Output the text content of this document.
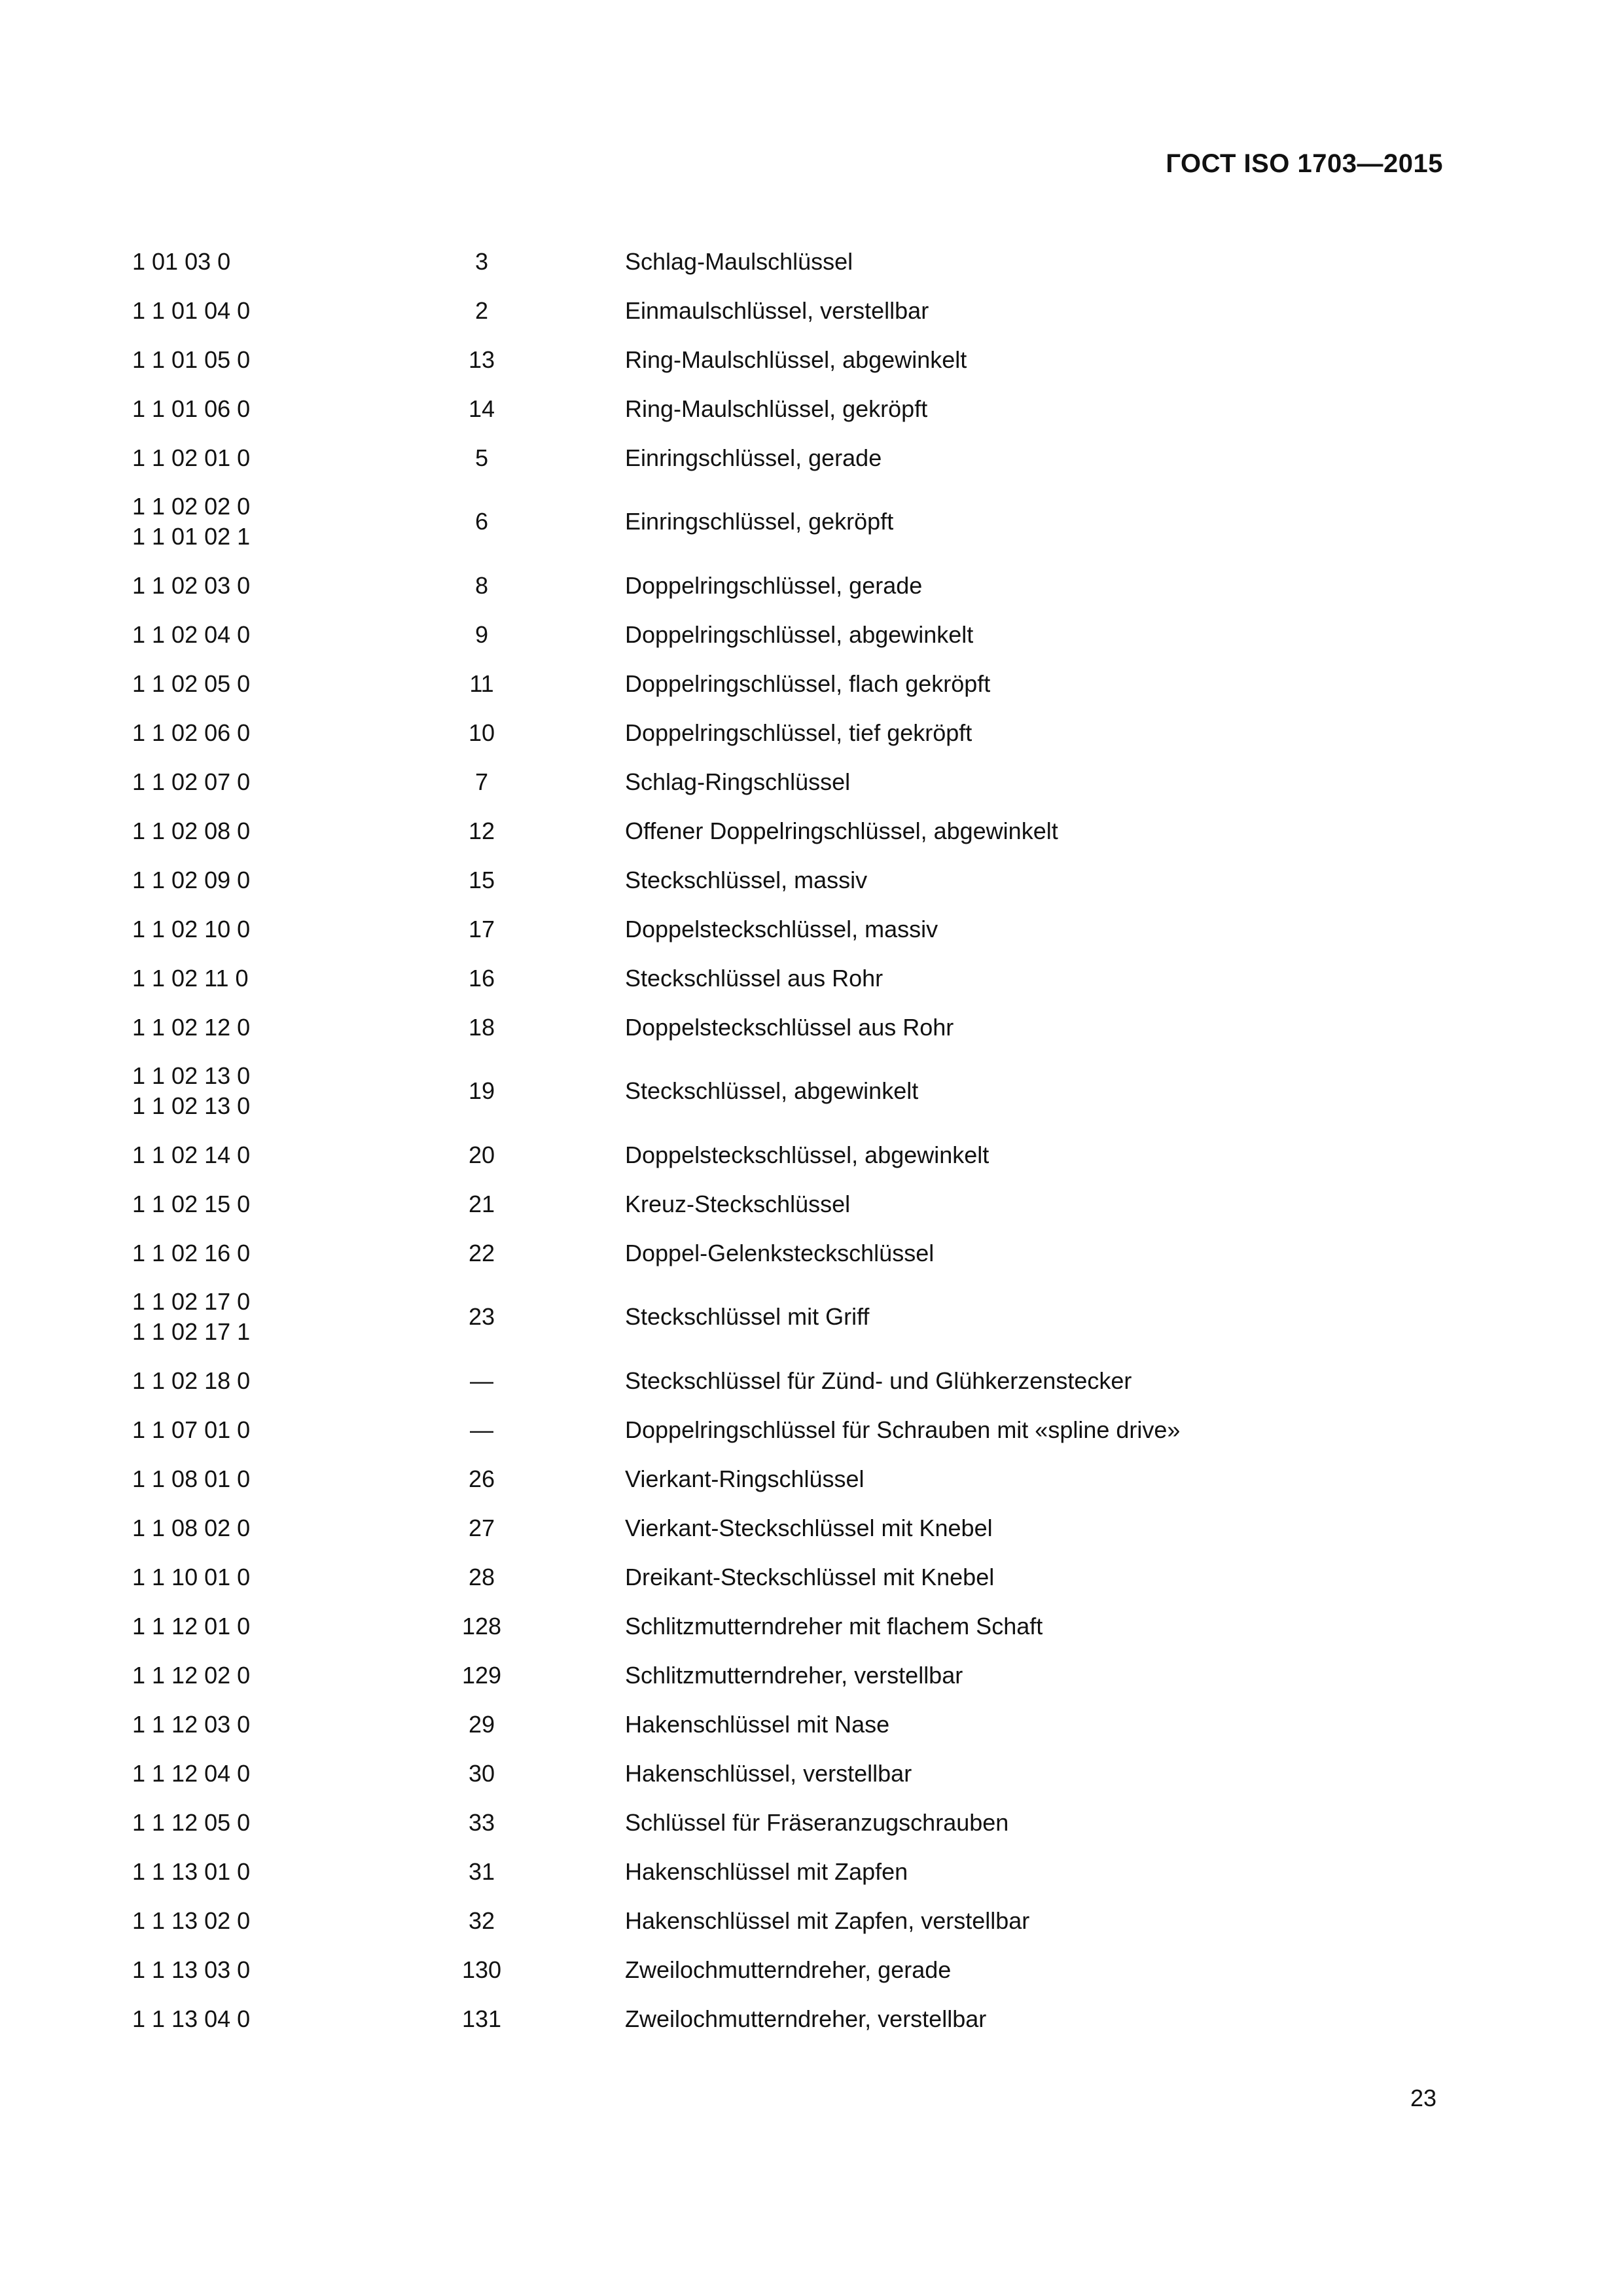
ГОСТ ISO 1703—2015
1 01 03 0	3	Schlag-Maulschlüssel

1 1 01 04 0	2	Einmaulschlüssel, verstellbar

1 1 01 05 0	13	Ring-Maulschlüssel, abgewinkelt

1 1 01 06 0	14	Ring-Maulschlüssel, gekröpft

1 1 02 01 0	5	Einringschlüssel, gerade

1 1 02 02 0
1 1 01 02 1	6	Einringschlüssel, gekröpft

1 1 02 03 0	8	Doppelringschlüssel, gerade

1 1 02 04 0	9	Doppelringschlüssel, abgewinkelt

1 1 02 05 0	11	Doppelringschlüssel, flach gekröpft

1 1 02 06 0	10	Doppelringschlüssel, tief gekröpft

1 1 02 07 0	7	Schlag-Ringschlüssel

1 1 02 08 0	12	Offener Doppelringschlüssel, abgewinkelt

1 1 02 09 0	15	Steckschlüssel, massiv

1 1 02 10 0	17	Doppelsteckschlüssel, massiv

1 1 02 11 0	16	Steckschlüssel aus Rohr

1 1 02 12 0	18	Doppelsteckschlüssel aus Rohr

1 1 02 13 0
1 1 02 13 0	19	Steckschlüssel, abgewinkelt

1 1 02 14 0	20	Doppelsteckschlüssel, abgewinkelt

1 1 02 15 0	21	Kreuz-Steckschlüssel

1 1 02 16 0	22	Doppel-Gelenksteckschlüssel

1 1 02 17 0
1 1 02 17 1	23	Steckschlüssel mit Griff

1 1 02 18 0	—	Steckschlüssel für Zünd- und Glühkerzenstecker

1 1 07 01 0	—	Doppelringschlüssel für Schrauben mit «spline drive»

1 1 08 01 0	26	Vierkant-Ringschlüssel

1 1 08 02 0	27	Vierkant-Steckschlüssel mit Knebel

1 1 10 01 0	28	Dreikant-Steckschlüssel mit Knebel

1 1 12 01 0	128	Schlitzmutterndreher mit flachem Schaft

1 1 12 02 0	129	Schlitzmutterndreher, verstellbar

1 1 12 03 0	29	Hakenschlüssel mit Nase

1 1 12 04 0	30	Hakenschlüssel, verstellbar

1 1 12 05 0	33	Schlüssel für Fräseranzugschrauben

1 1 13 01 0	31	Hakenschlüssel mit Zapfen

1 1 13 02 0	32	Hakenschlüssel mit Zapfen, verstellbar

1 1 13 03 0	130	Zweilochmutterndreher, gerade

1 1 13 04 0	131	Zweilochmutterndreher, verstellbar
23
